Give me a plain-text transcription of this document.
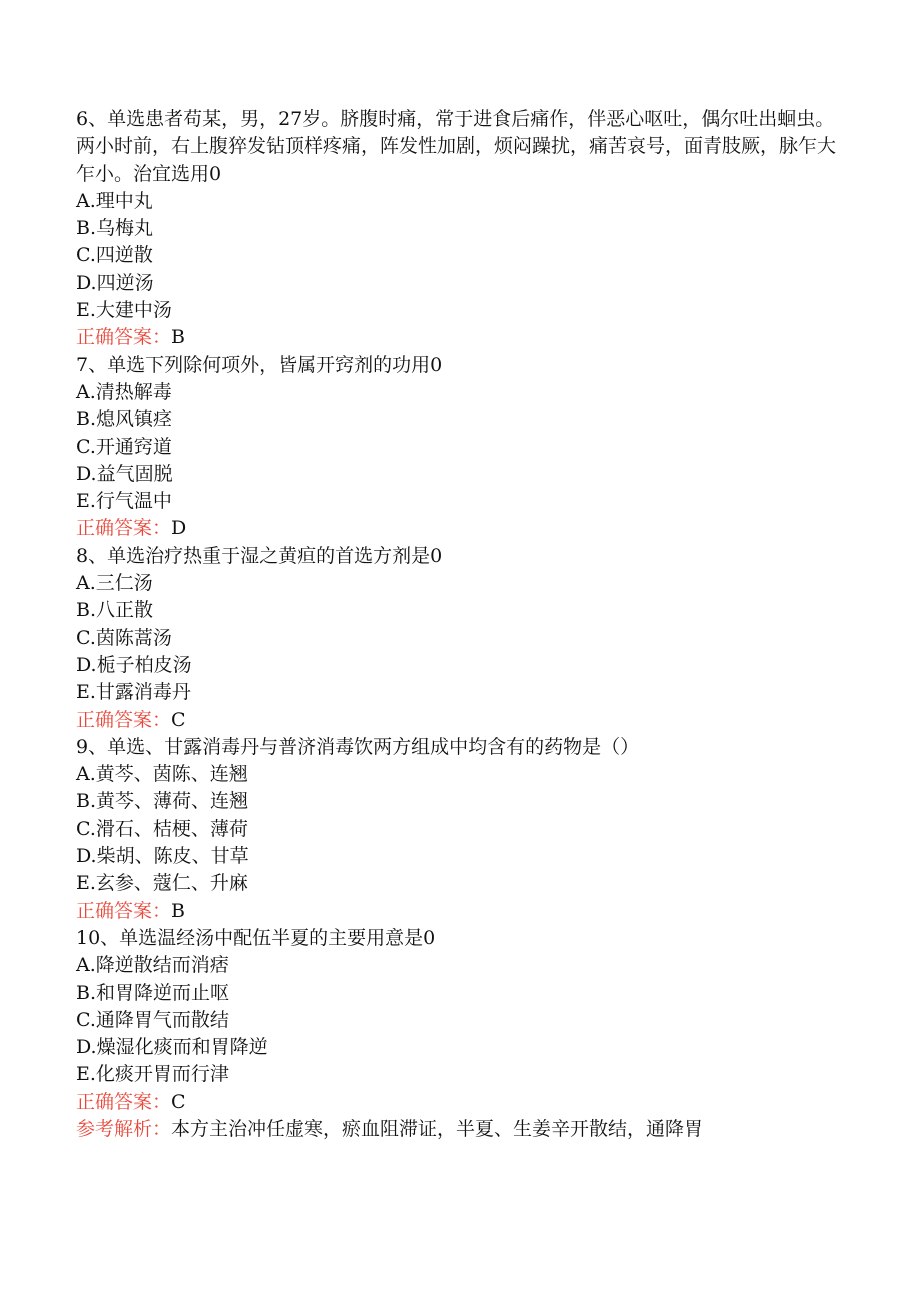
6、单选患者苟某，男，27岁。脐腹时痛，常于进食后痛作，伴恶心呕吐，偶尔吐出蛔虫。两小时前，右上腹猝发钻顶样疼痛，阵发性加剧，烦闷躁扰，痛苦哀号，面青肢厥，脉乍大乍小。治宜选用0

A.理中丸

B.乌梅丸

C.四逆散

D.四逆汤

E.大建中汤

正确答案：B

7、单选下列除何项外，皆属开窍剂的功用0

A.清热解毒

B.熄风镇痉

C.开通窍道

D.益气固脱

E.行气温中

正确答案：D

8、单选治疗热重于湿之黄疸的首选方剂是0

A.三仁汤

B.八正散

C.茵陈蒿汤

D.栀子柏皮汤

E.甘露消毒丹

正确答案：C

9、单选、甘露消毒丹与普济消毒饮两方组成中均含有的药物是（）

A.黄芩、茵陈、连翘

B.黄芩、薄荷、连翘

C.滑石、桔梗、薄荷

D.柴胡、陈皮、甘草

E.玄参、蔻仁、升麻

正确答案：B

10、单选温经汤中配伍半夏的主要用意是0

A.降逆散结而消痞

B.和胃降逆而止呕

C.通降胃气而散结

D.燥湿化痰而和胃降逆

E.化痰开胃而行津

正确答案：C

参考解析：本方主治冲任虚寒，瘀血阻滞证，半夏、生姜辛开散结，通降胃
